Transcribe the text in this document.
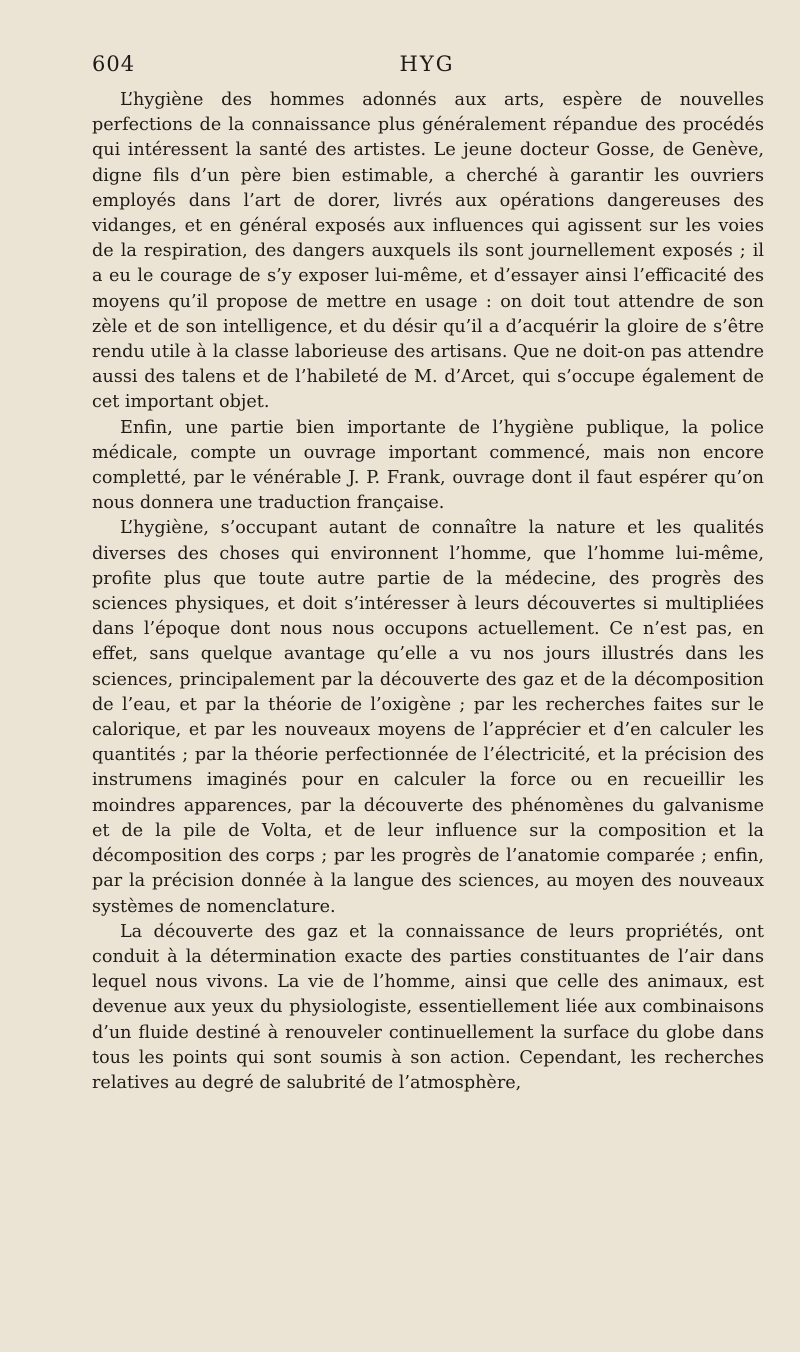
604	HYG

L’hygiène des hommes adonnés aux arts, espère de nouvelles perfections de la connaissance plus généralement répandue des procédés qui intéressent la santé des artistes. Le jeune docteur Gosse, de Genève, digne fils d’un père bien estimable, a cherché à garantir les ouvriers employés dans l’art de dorer, livrés aux opérations dangereuses des vidanges, et en général exposés aux influences qui agissent sur les voies de la respiration, des dangers auxquels ils sont journellement exposés ; il a eu le courage de s’y exposer lui-même, et d’essayer ainsi l’efficacité des moyens qu’il propose de mettre en usage : on doit tout attendre de son zèle et de son intelligence, et du désir qu’il a d’acquérir la gloire de s’être rendu utile à la classe laborieuse des artisans. Que ne doit-on pas attendre aussi des talens et de l’habileté de M. d’Arcet, qui s’occupe également de cet important objet.

Enfin, une partie bien importante de l’hygiène publique, la police médicale, compte un ouvrage important commencé, mais non encore completté, par le vénérable J. P. Frank, ouvrage dont il faut espérer qu’on nous donnera une traduction française.

L’hygiène, s’occupant autant de connaître la nature et les qualités diverses des choses qui environnent l’homme, que l’homme lui-même, profite plus que toute autre partie de la médecine, des progrès des sciences physiques, et doit s’intéresser à leurs découvertes si multipliées dans l’époque dont nous nous occupons actuellement. Ce n’est pas, en effet, sans quelque avantage qu’elle a vu nos jours illustrés dans les sciences, principalement par la découverte des gaz et de la décomposition de l’eau, et par la théorie de l’oxigène ; par les recherches faites sur le calorique, et par les nouveaux moyens de l’apprécier et d’en calculer les quantités ; par la théorie perfectionnée de l’électricité, et la précision des instrumens imaginés pour en calculer la force ou en recueillir les moindres apparences, par la découverte des phénomènes du galvanisme et de la pile de Volta, et de leur influence sur la composition et la décomposition des corps ; par les progrès de l’anatomie comparée ; enfin, par la précision donnée à la langue des sciences, au moyen des nouveaux systèmes de nomenclature.

La découverte des gaz et la connaissance de leurs propriétés, ont conduit à la détermination exacte des parties constituantes de l’air dans lequel nous vivons. La vie de l’homme, ainsi que celle des animaux, est devenue aux yeux du physiologiste, essentiellement liée aux combinaisons d’un fluide destiné à renouveler continuellement la surface du globe dans tous les points qui sont soumis à son action. Cependant, les recherches relatives au degré de salubrité de l’atmosphère,
